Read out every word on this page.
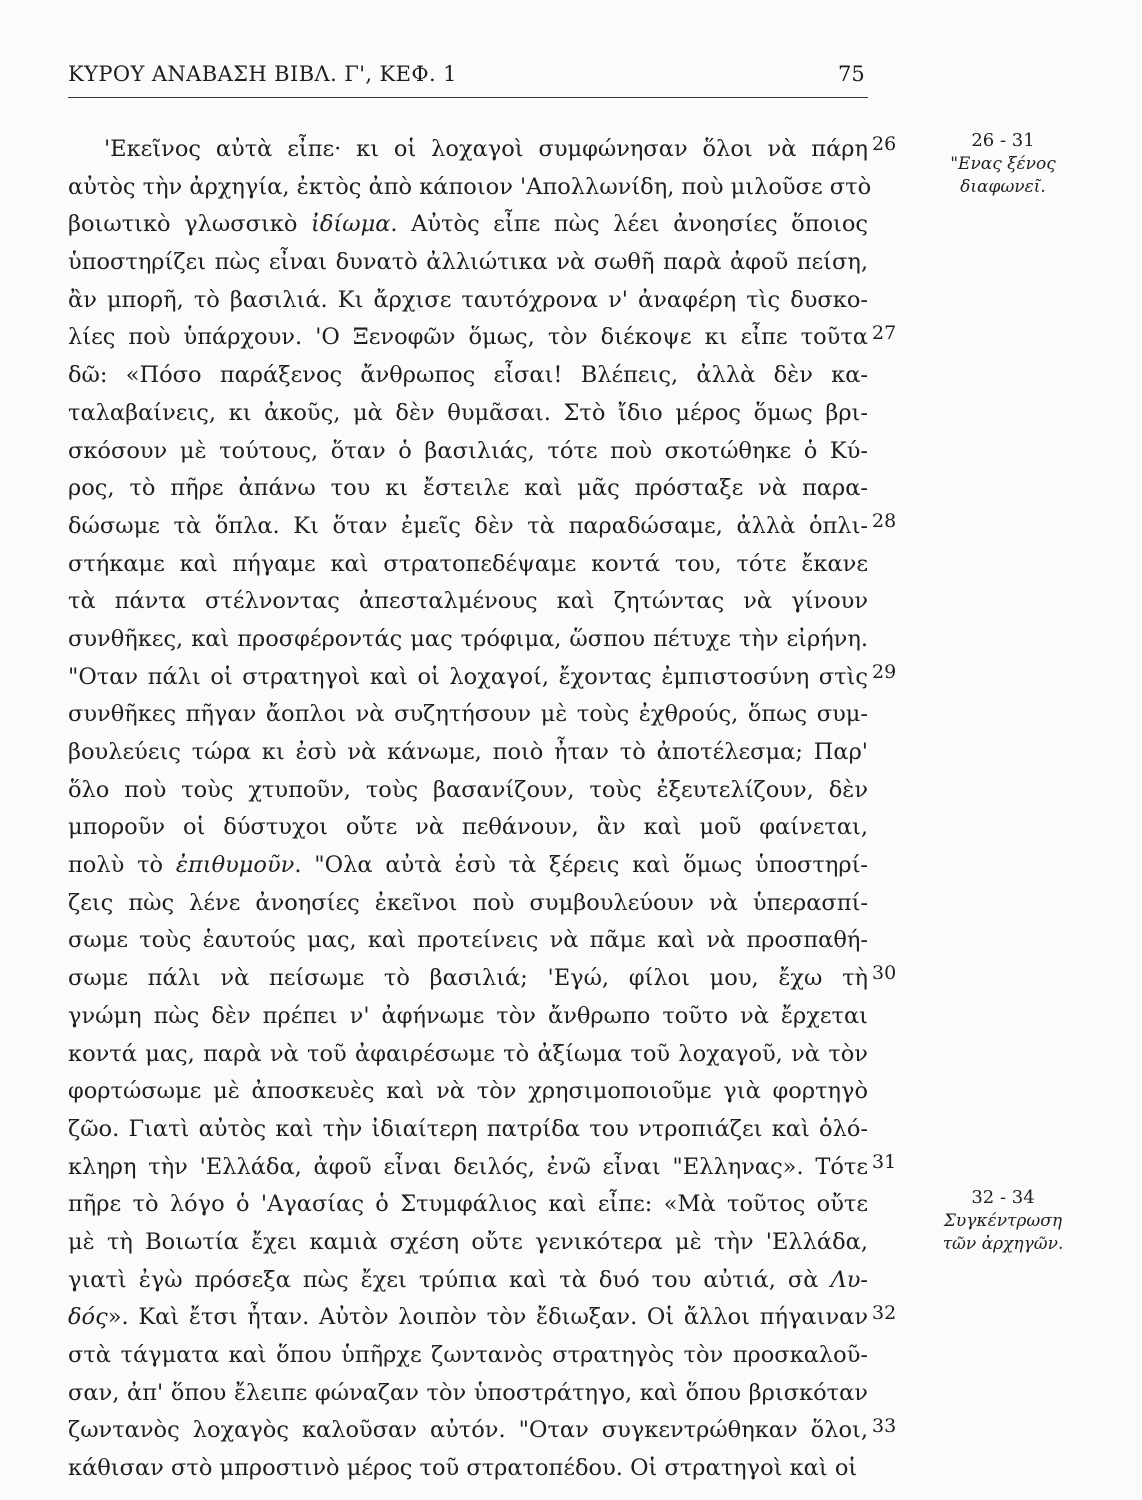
ΚΥΡΟΥ ΑΝΑΒΑΣΗ ΒΙΒΛ. Γ', ΚΕΦ. 1	75
'Εκεῖνος αὐτὰ εἶπε· κι οἱ λοχαγοὶ συμφώνησαν ὅλοι νὰ πάρη
αὐτὸς τὴν ἀρχηγία, ἐκτὸς ἀπὸ κάποιον 'Απολλωνίδη, ποὺ μιλοῦσε στὸ
βοιωτικὸ γλωσσικὸ ἰδίωμα. Αὐτὸς εἶπε πὼς λέει ἀνοησίες ὅποιος
ὑποστηρίζει πὼς εἶναι δυνατὸ ἀλλιώτικα νὰ σωθῆ παρὰ ἀφοῦ πείση,
ἂν μπορῆ, τὸ βασιλιά. Κι ἄρχισε ταυτόχρονα ν' ἀναφέρη τὶς δυσκο-
λίες ποὺ ὑπάρχουν. 'Ο Ξενοφῶν ὅμως, τὸν διέκοψε κι εἶπε τοῦτα
δῶ: «Πόσο παράξενος ἄνθρωπος εἶσαι! Βλέπεις, ἀλλὰ δὲν κα-
ταλαβαίνεις, κι ἀκοῦς, μὰ δὲν θυμᾶσαι. Στὸ ἴδιο μέρος ὅμως βρι-
σκόσουν μὲ τούτους, ὅταν ὁ βασιλιάς, τότε ποὺ σκοτώθηκε ὁ Κύ-
ρος, τὸ πῆρε ἀπάνω του κι ἔστειλε καὶ μᾶς πρόσταξε νὰ παρα-
δώσωμε τὰ ὅπλα. Κι ὅταν ἐμεῖς δὲν τὰ παραδώσαμε, ἀλλὰ ὁπλι-
στήκαμε καὶ πήγαμε καὶ στρατοπεδέψαμε κοντά του, τότε ἔκανε
τὰ πάντα στέλνοντας ἀπεσταλμένους καὶ ζητώντας νὰ γίνουν
συνθῆκες, καὶ προσφέροντάς μας τρόφιμα, ὥσπου πέτυχε τὴν εἰρήνη.
"Οταν πάλι οἱ στρατηγοὶ καὶ οἱ λοχαγοί, ἔχοντας ἐμπιστοσύνη στὶς
συνθῆκες πῆγαν ἄοπλοι νὰ συζητήσουν μὲ τοὺς ἐχθρούς, ὅπως συμ-
βουλεύεις τώρα κι ἐσὺ νὰ κάνωμε, ποιὸ ἦταν τὸ ἀποτέλεσμα; Παρ'
ὅλο ποὺ τοὺς χτυποῦν, τοὺς βασανίζουν, τοὺς ἐξευτελίζουν, δὲν
μποροῦν οἱ δύστυχοι οὔτε νὰ πεθάνουν, ἂν καὶ μοῦ φαίνεται,
πολὺ τὸ ἐπιθυμοῦν. "Ολα αὐτὰ ἐσὺ τὰ ξέρεις καὶ ὅμως ὑποστηρί-
ζεις πὼς λένε ἀνοησίες ἐκεῖνοι ποὺ συμβουλεύουν νὰ ὑπερασπί-
σωμε τοὺς ἑαυτούς μας, καὶ προτείνεις νὰ πᾶμε καὶ νὰ προσπαθή-
σωμε πάλι νὰ πείσωμε τὸ βασιλιά; 'Εγώ, φίλοι μου, ἔχω τὴ
γνώμη πὼς δὲν πρέπει ν' ἀφήνωμε τὸν ἄνθρωπο τοῦτο νὰ ἔρχεται
κοντά μας, παρὰ νὰ τοῦ ἀφαιρέσωμε τὸ ἀξίωμα τοῦ λοχαγοῦ, νὰ τὸν
φορτώσωμε μὲ ἀποσκευὲς καὶ νὰ τὸν χρησιμοποιοῦμε γιὰ φορτηγὸ
ζῶο. Γιατὶ αὐτὸς καὶ τὴν ἰδιαίτερη πατρίδα του ντροπιάζει καὶ ὁλό-
κληρη τὴν 'Ελλάδα, ἀφοῦ εἶναι δειλός, ἐνῶ εἶναι "Ελληνας». Τότε
πῆρε τὸ λόγο ὁ 'Αγασίας ὁ Στυμφάλιος καὶ εἶπε: «Μὰ τοῦτος οὔτε
μὲ τὴ Βοιωτία ἔχει καμιὰ σχέση οὔτε γενικότερα μὲ τὴν 'Ελλάδα,
γιατὶ ἐγὼ πρόσεξα πὼς ἔχει τρύπια καὶ τὰ δυό του αὐτιά, σὰ Λυ-
δός». Καὶ ἔτσι ἦταν. Αὐτὸν λοιπὸν τὸν ἔδιωξαν. Οἱ ἄλλοι πήγαιναν
στὰ τάγματα καὶ ὅπου ὑπῆρχε ζωντανὸς στρατηγὸς τὸν προσκαλοῦ-
σαν, ἀπ' ὅπου ἔλειπε φώναζαν τὸν ὑποστράτηγο, καὶ ὅπου βρισκόταν
ζωντανὸς λοχαγὸς καλοῦσαν αὐτόν. "Οταν συγκεντρώθηκαν ὅλοι,
κάθισαν στὸ μπροστινὸ μέρος τοῦ στρατοπέδου. Οἱ στρατηγοὶ καὶ οἱ
26
27
28
29
30
31
32
33
26 - 31
"Ενας ξένος
διαφωνεῖ.
32 - 34
Συγκέντρωση
τῶν ἀρχηγῶν.
